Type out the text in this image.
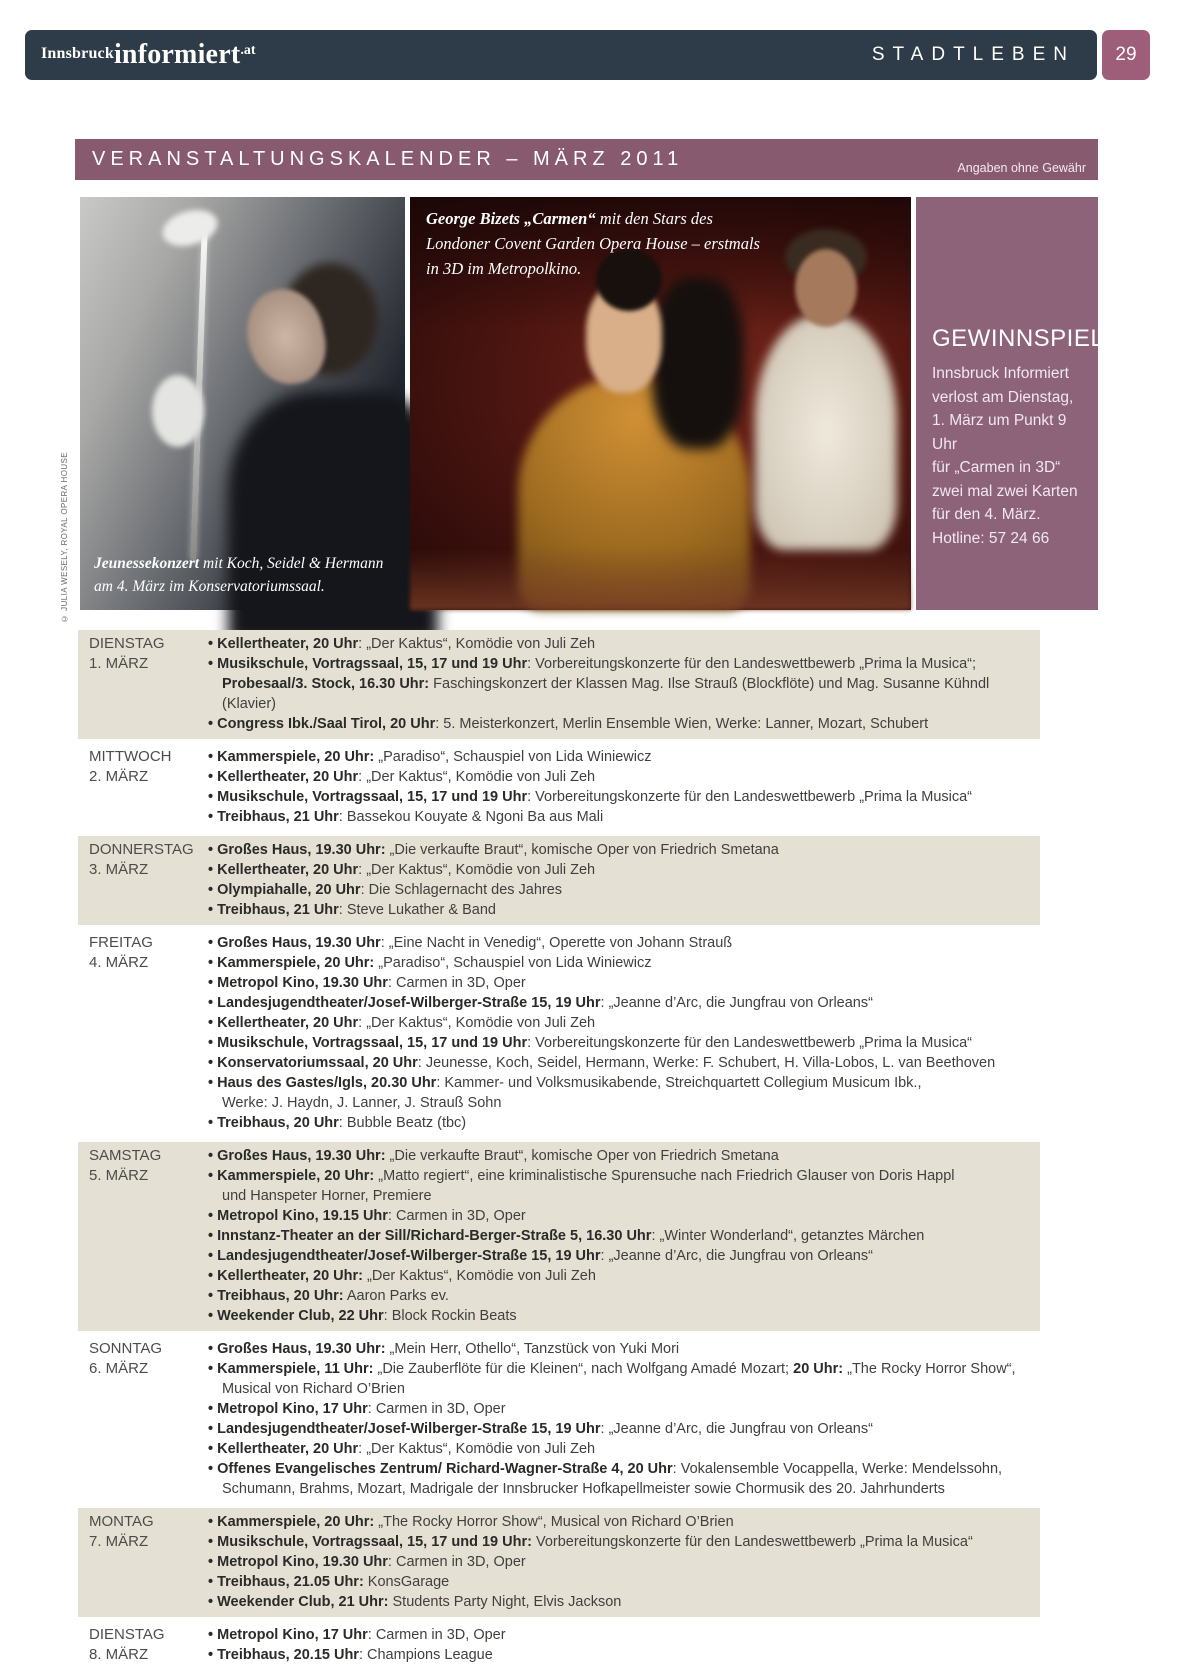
Innsbruckinformiert.at	STADTLEBEN 29
VERANSTALTUNGSKALENDER – MÄRZ 2011	Angaben ohne Gewähr
Jeunessekonzert mit Koch, Seidel & Hermann am 4. März im Konservatoriumssaal.
George Bizets „Carmen“ mit den Stars des Londoner Covent Garden Opera House – erstmals in 3D im Metropolkino.
GEWINNSPIEL
Innsbruck Informiert
verlost am Dienstag,
1. März um Punkt 9 Uhr
für „Carmen in 3D“
zwei mal zwei Karten
für den 4. März.
Hotline: 57 24 66
© JULIA WESELY, ROYAL OPERA HOUSE
DIENSTAG
1. MÄRZ
• Kellertheater, 20 Uhr: „Der Kaktus“, Komödie von Juli Zeh
• Musikschule, Vortragssaal, 15, 17 und 19 Uhr: Vorbereitungskonzerte für den Landeswettbewerb „Prima la Musica“;
Probesaal/3. Stock, 16.30 Uhr: Faschingskonzert der Klassen Mag. Ilse Strauß (Blockflöte) und Mag. Susanne Kühndl (Klavier)
• Congress Ibk./Saal Tirol, 20 Uhr: 5. Meisterkonzert, Merlin Ensemble Wien, Werke: Lanner, Mozart, Schubert
MITTWOCH
2. MÄRZ
• Kammerspiele, 20 Uhr: „Paradiso“, Schauspiel von Lida Winiewicz
• Kellertheater, 20 Uhr: „Der Kaktus“, Komödie von Juli Zeh
• Musikschule, Vortragssaal, 15, 17 und 19 Uhr: Vorbereitungskonzerte für den Landeswettbewerb „Prima la Musica“
• Treibhaus, 21 Uhr: Bassekou Kouyate & Ngoni Ba aus Mali
DONNERSTAG
3. MÄRZ
• Großes Haus, 19.30 Uhr: „Die verkaufte Braut“, komische Oper von Friedrich Smetana
• Kellertheater, 20 Uhr: „Der Kaktus“, Komödie von Juli Zeh
• Olympiahalle, 20 Uhr: Die Schlagernacht des Jahres
• Treibhaus, 21 Uhr: Steve Lukather & Band
FREITAG
4. MÄRZ
• Großes Haus, 19.30 Uhr: „Eine Nacht in Venedig“, Operette von Johann Strauß
• Kammerspiele, 20 Uhr: „Paradiso“, Schauspiel von Lida Winiewicz
• Metropol Kino, 19.30 Uhr: Carmen in 3D, Oper
• Landesjugendtheater/Josef-Wilberger-Straße 15, 19 Uhr: „Jeanne d’Arc, die Jungfrau von Orleans“
• Kellertheater, 20 Uhr: „Der Kaktus“, Komödie von Juli Zeh
• Musikschule, Vortragssaal, 15, 17 und 19 Uhr: Vorbereitungskonzerte für den Landeswettbewerb „Prima la Musica“
• Konservatoriumssaal, 20 Uhr: Jeunesse, Koch, Seidel, Hermann, Werke: F. Schubert, H. Villa-Lobos, L. van Beethoven
• Haus des Gastes/Igls, 20.30 Uhr: Kammer- und Volksmusikabende, Streichquartett Collegium Musicum Ibk.,
Werke: J. Haydn, J. Lanner, J. Strauß Sohn
• Treibhaus, 20 Uhr: Bubble Beatz (tbc)
SAMSTAG
5. MÄRZ
• Großes Haus, 19.30 Uhr: „Die verkaufte Braut“, komische Oper von Friedrich Smetana
• Kammerspiele, 20 Uhr: „Matto regiert“, eine kriminalistische Spurensuche nach Friedrich Glauser von Doris Happl
und Hanspeter Horner, Premiere
• Metropol Kino, 19.15 Uhr: Carmen in 3D, Oper
• Innstanz-Theater an der Sill/Richard-Berger-Straße 5, 16.30 Uhr: „Winter Wonderland“, getanztes Märchen
• Landesjugendtheater/Josef-Wilberger-Straße 15, 19 Uhr: „Jeanne d’Arc, die Jungfrau von Orleans“
• Kellertheater, 20 Uhr: „Der Kaktus“, Komödie von Juli Zeh
• Treibhaus, 20 Uhr: Aaron Parks ev.
• Weekender Club, 22 Uhr: Block Rockin Beats
SONNTAG
6. MÄRZ
• Großes Haus, 19.30 Uhr: „Mein Herr, Othello“, Tanzstück von Yuki Mori
• Kammerspiele, 11 Uhr: „Die Zauberflöte für die Kleinen“, nach Wolfgang Amadé Mozart; 20 Uhr: „The Rocky Horror Show“,
Musical von Richard O’Brien
• Metropol Kino, 17 Uhr: Carmen in 3D, Oper
• Landesjugendtheater/Josef-Wilberger-Straße 15, 19 Uhr: „Jeanne d’Arc, die Jungfrau von Orleans“
• Kellertheater, 20 Uhr: „Der Kaktus“, Komödie von Juli Zeh
• Offenes Evangelisches Zentrum/ Richard-Wagner-Straße 4, 20 Uhr: Vokalensemble Vocappella, Werke: Mendelssohn,
Schumann, Brahms, Mozart, Madrigale der Innsbrucker Hofkapellmeister sowie Chormusik des 20. Jahrhunderts
MONTAG
7. MÄRZ
• Kammerspiele, 20 Uhr: „The Rocky Horror Show“, Musical von Richard O’Brien
• Musikschule, Vortragssaal, 15, 17 und 19 Uhr: Vorbereitungskonzerte für den Landeswettbewerb „Prima la Musica“
• Metropol Kino, 19.30 Uhr: Carmen in 3D, Oper
• Treibhaus, 21.05 Uhr: KonsGarage
• Weekender Club, 21 Uhr: Students Party Night, Elvis Jackson
DIENSTAG
8. MÄRZ
• Metropol Kino, 17 Uhr: Carmen in 3D, Oper
• Treibhaus, 20.15 Uhr: Champions League
